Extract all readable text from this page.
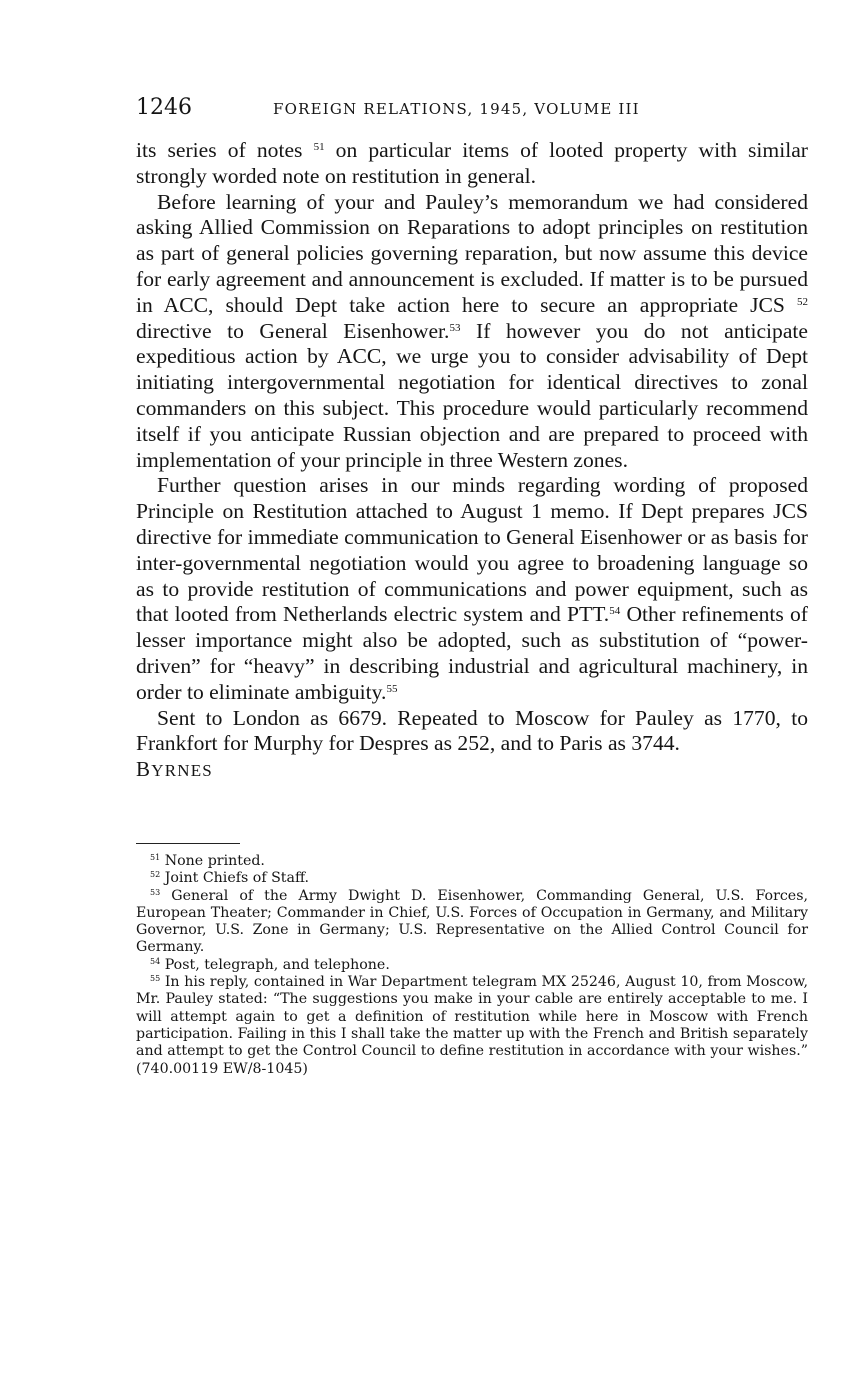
1246	FOREIGN RELATIONS, 1945, VOLUME III

its series of notes $^{51}$ on particular items of looted property with similar strongly worded note on restitution in general.

Before learning of your and Pauley’s memorandum we had considered asking Allied Commission on Reparations to adopt principles on restitution as part of general policies governing reparation, but now assume this device for early agreement and announcement is excluded. If matter is to be pursued in ACC, should Dept take action here to secure an appropriate JCS $^{52}$ directive to General Eisenhower.$^{53}$ If however you do not anticipate expeditious action by ACC, we urge you to consider advisability of Dept initiating intergovernmental negotiation for identical directives to zonal commanders on this subject. This procedure would particularly recommend itself if you anticipate Russian objection and are prepared to proceed with implementation of your principle in three Western zones.

Further question arises in our minds regarding wording of proposed Principle on Restitution attached to August 1 memo. If Dept prepares JCS directive for immediate communication to General Eisenhower or as basis for inter-governmental negotiation would you agree to broadening language so as to provide restitution of communications and power equipment, such as that looted from Netherlands electric system and PTT.$^{54}$ Other refinements of lesser importance might also be adopted, such as substitution of “power-driven” for “heavy” in describing industrial and agricultural machinery, in order to eliminate ambiguity.$^{55}$

Sent to London as 6679. Repeated to Moscow for Pauley as 1770, to Frankfort for Murphy for Despres as 252, and to Paris as 3744.

BYRNES

$^{51}$ None printed.

$^{52}$ Joint Chiefs of Staff.

$^{53}$ General of the Army Dwight D. Eisenhower, Commanding General, U.S. Forces, European Theater; Commander in Chief, U.S. Forces of Occupation in Germany, and Military Governor, U.S. Zone in Germany; U.S. Representative on the Allied Control Council for Germany.

$^{54}$ Post, telegraph, and telephone.

$^{55}$ In his reply, contained in War Department telegram MX 25246, August 10, from Moscow, Mr. Pauley stated: “The suggestions you make in your cable are entirely acceptable to me. I will attempt again to get a definition of restitution while here in Moscow with French participation. Failing in this I shall take the matter up with the French and British separately and attempt to get the Control Council to define restitution in accordance with your wishes.” (740.00119 EW/8-1045)
